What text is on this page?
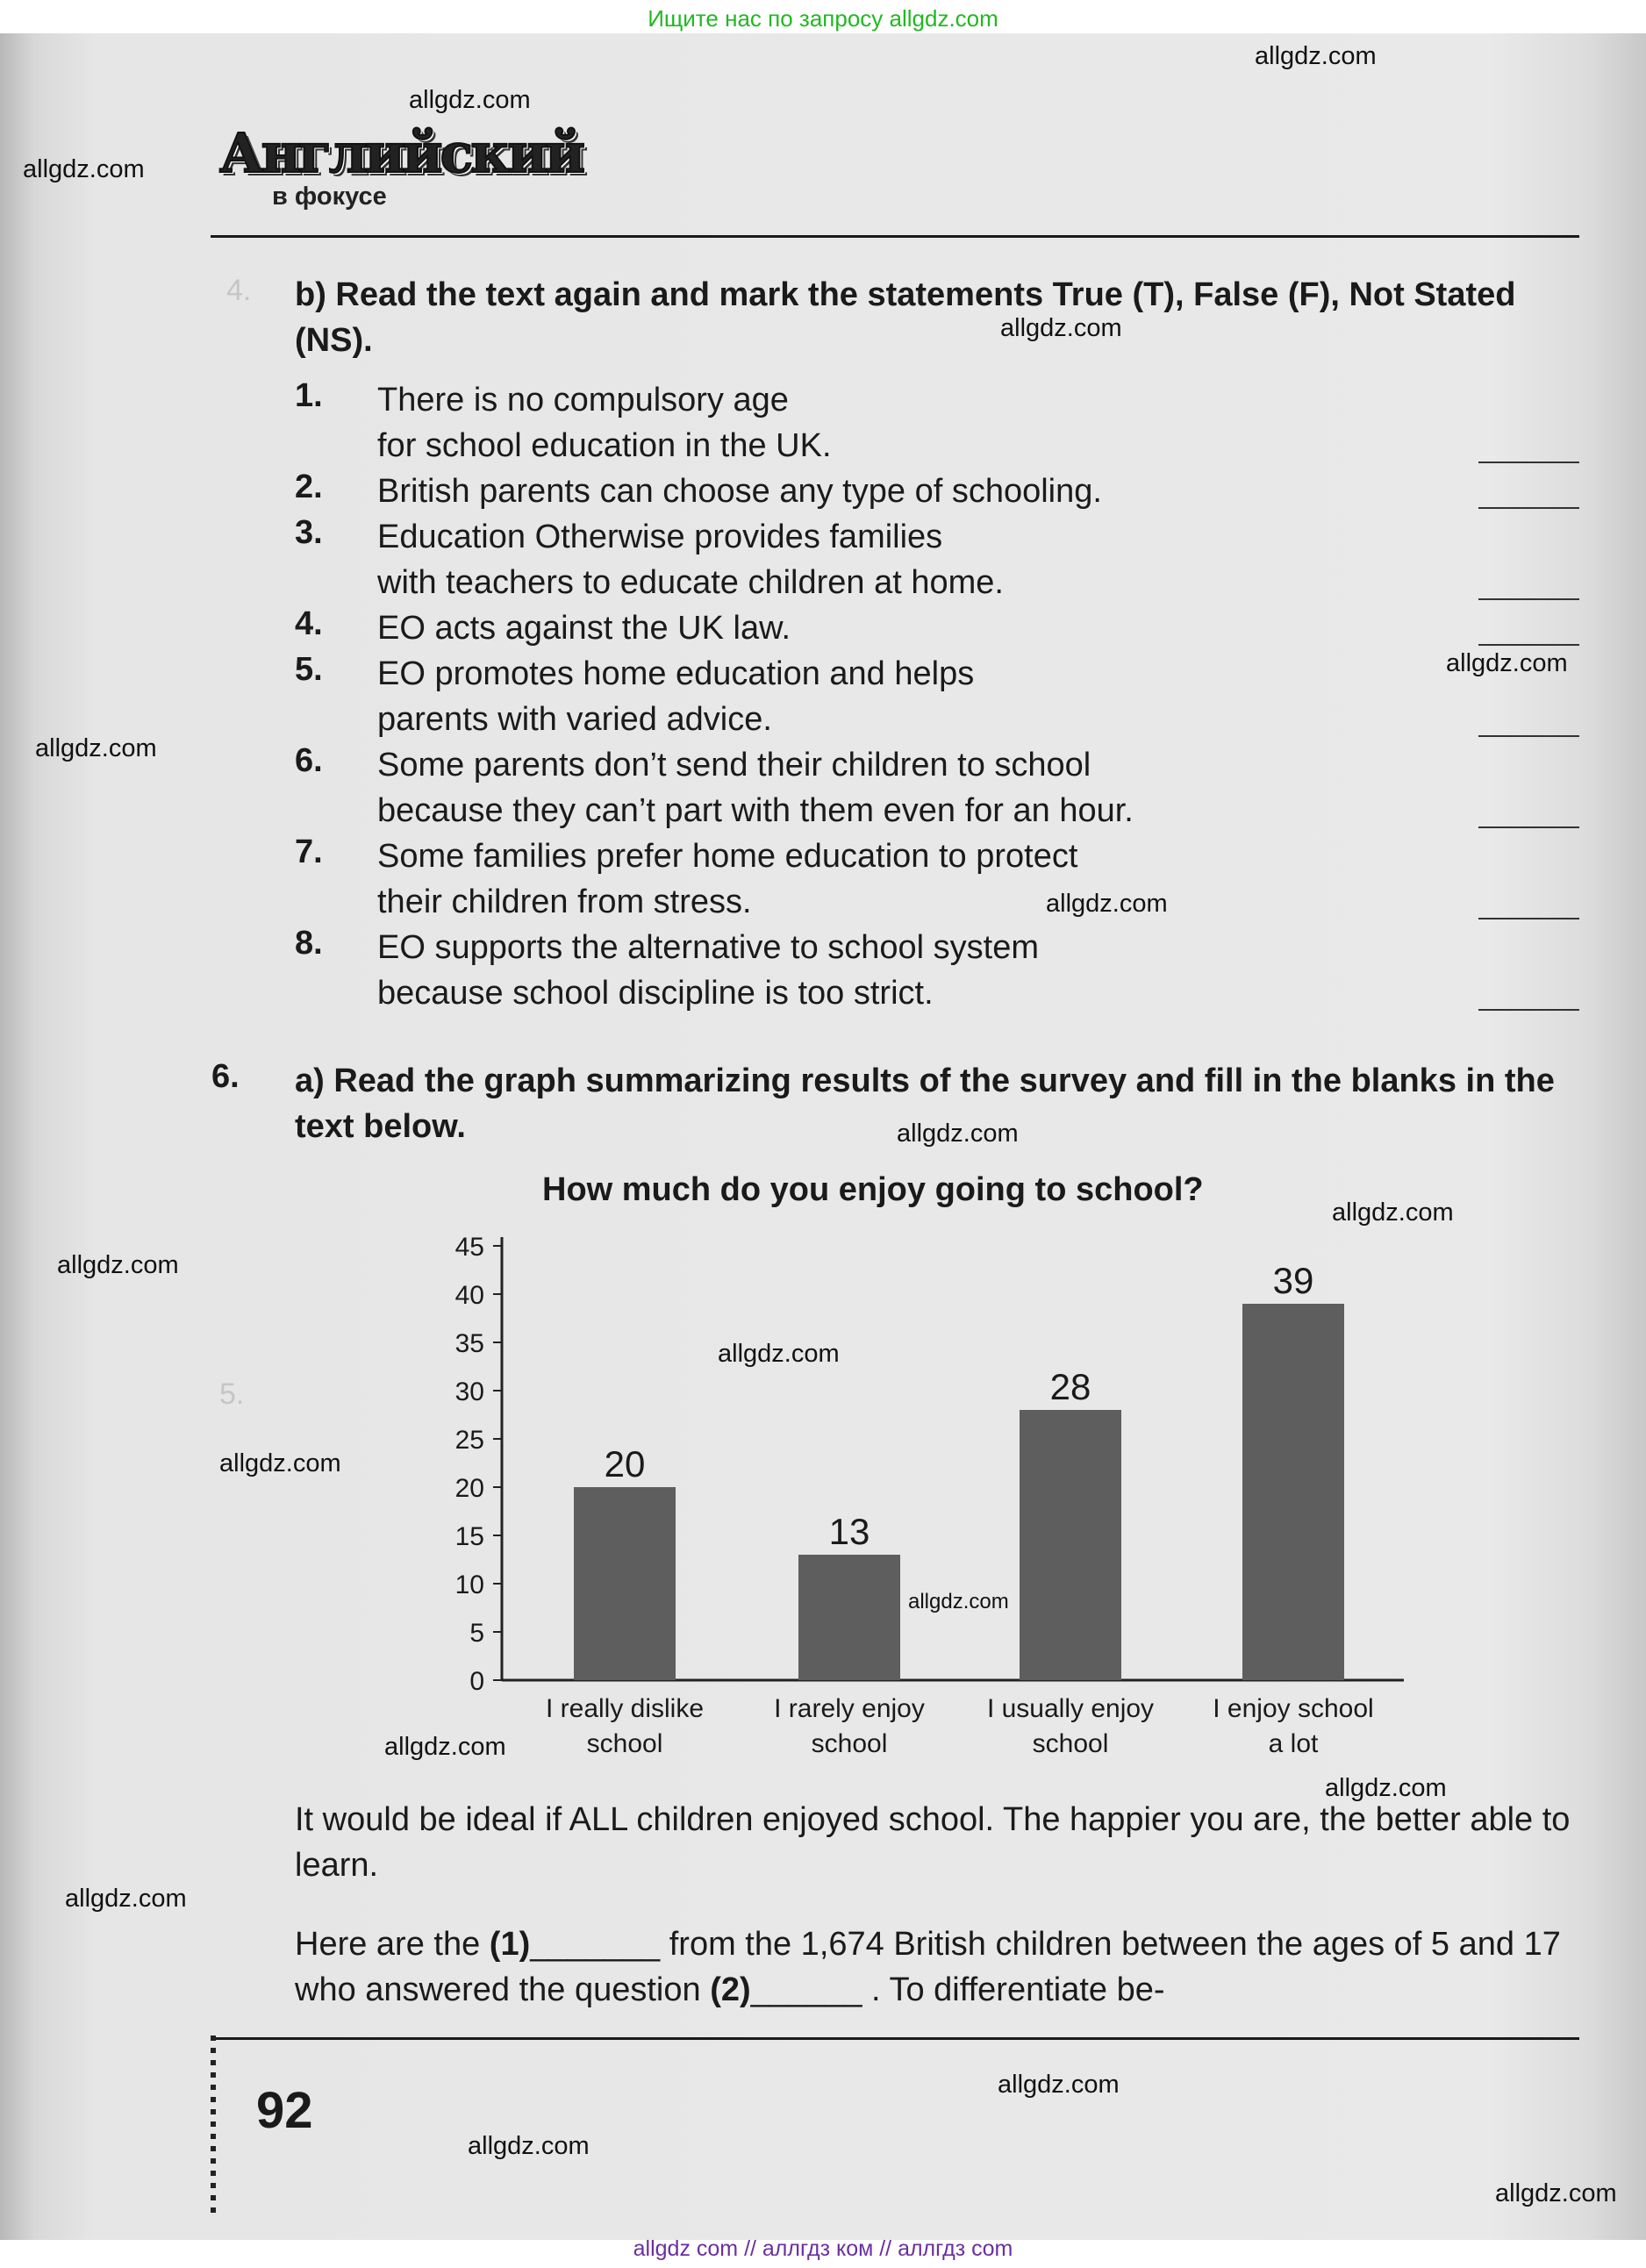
Ищите нас по запросу allgdz.com
4.
5.
Английский
в фокусе
b) Read the text again and mark the statements True (T), False (F), Not Stated (NS).
1. There is no compulsory age
for school education in the UK.
2. British parents can choose any type of schooling.
3. Education Otherwise provides families
with teachers to educate children at home.
4. EO acts against the UK law.
5. EO promotes home education and helps
parents with varied advice.
6. Some parents don’t send their children to school
because they can’t part with them even for an hour.
7. Some families prefer home education to protect
their children from stress.
8. EO supports the alternative to school system
because school discipline is too strict.
6. a) Read the graph summarizing results of the survey and fill in the blanks in the text below.
How much do you enjoy going to school?
0
5
10
15
20
25
30
35
40
45
20
I really dislike
school
13
I rarely enjoy
school
28
I usually enjoy
school
39
I enjoy school
a lot
It would be ideal if ALL children enjoyed school. The happier you are, the better able to learn.
Here are the (1)_______ from the 1,674 British children between the ages of 5 and 17 who answered the question (2)______ . To differentiate be-
92
allgdz.com
allgdz.com
allgdz.com
allgdz.com
allgdz.com
allgdz.com
allgdz.com
allgdz.com
allgdz.com
allgdz.com
allgdz.com
allgdz.com
allgdz.com
allgdz.com
allgdz.com
allgdz.com
allgdz.com
allgdz.com
allgdz.com
allgdz com // аллгдз ком // аллгдз com
